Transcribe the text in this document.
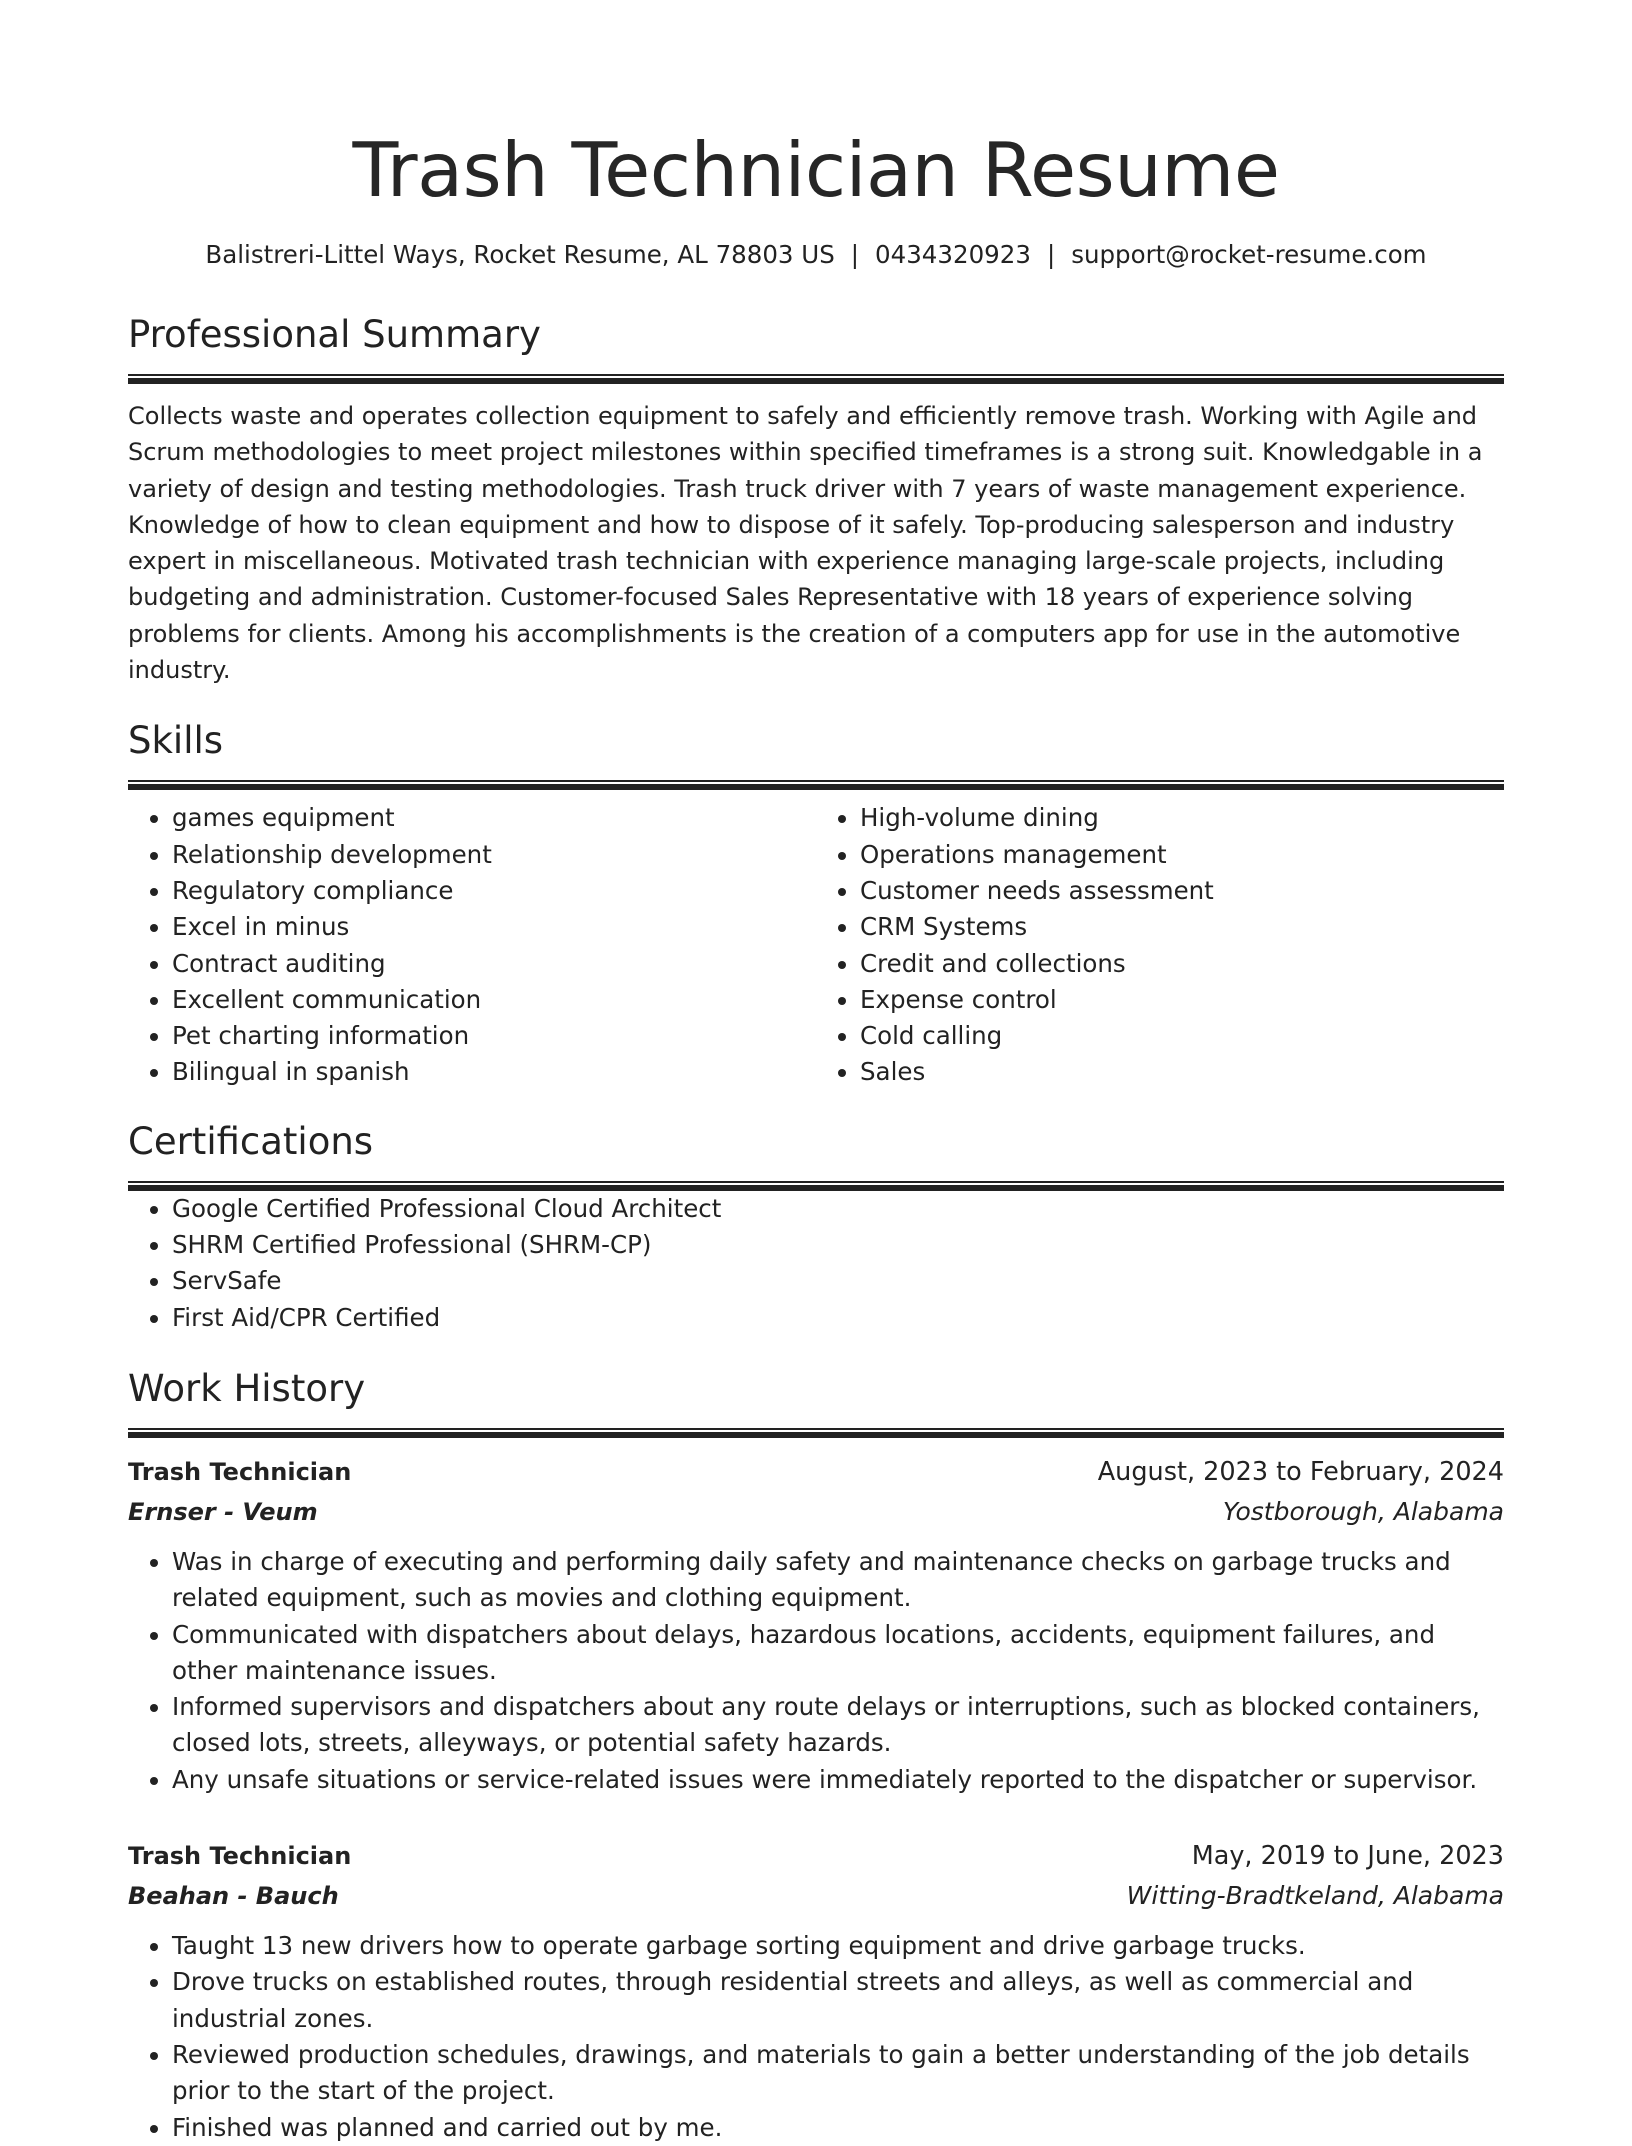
Trash Technician Resume
Balistreri-Littel Ways, Rocket Resume, AL 78803 US | 0434320923 | support@rocket-resume.com
Professional Summary

Collects waste and operates collection equipment to safely and efficiently remove trash. Working with Agile and Scrum methodologies to meet project milestones within specified timeframes is a strong suit. Knowledgable in a variety of design and testing methodologies. Trash truck driver with 7 years of waste management experience. Knowledge of how to clean equipment and how to dispose of it safely. Top-producing salesperson and industry expert in miscellaneous. Motivated trash technician with experience managing large-scale projects, including budgeting and administration. Customer-focused Sales Representative with 18 years of experience solving problems for clients. Among his accomplishments is the creation of a computers app for use in the automotive industry.

Skills
• games equipment
• Relationship development
• Regulatory compliance
• Excel in minus
• Contract auditing
• Excellent communication
• Pet charting information
• Bilingual in spanish
• High-volume dining
• Operations management
• Customer needs assessment
• CRM Systems
• Credit and collections
• Expense control
• Cold calling
• Sales
Certifications
• Google Certified Professional Cloud Architect
• SHRM Certified Professional (SHRM-CP)
• ServSafe
• First Aid/CPR Certified
Work History
Trash Technician	August, 2023 to February, 2024
Ernser - Veum	Yostborough, Alabama
• Was in charge of executing and performing daily safety and maintenance checks on garbage trucks and related equipment, such as movies and clothing equipment.
• Communicated with dispatchers about delays, hazardous locations, accidents, equipment failures, and other maintenance issues.
• Informed supervisors and dispatchers about any route delays or interruptions, such as blocked containers, closed lots, streets, alleyways, or potential safety hazards.
• Any unsafe situations or service-related issues were immediately reported to the dispatcher or supervisor.
Trash Technician	May, 2019 to June, 2023
Beahan - Bauch	Witting-Bradtkeland, Alabama
• Taught 13 new drivers how to operate garbage sorting equipment and drive garbage trucks.
• Drove trucks on established routes, through residential streets and alleys, as well as commercial and industrial zones.
• Reviewed production schedules, drawings, and materials to gain a better understanding of the job details prior to the start of the project.
• Finished was planned and carried out by me.
